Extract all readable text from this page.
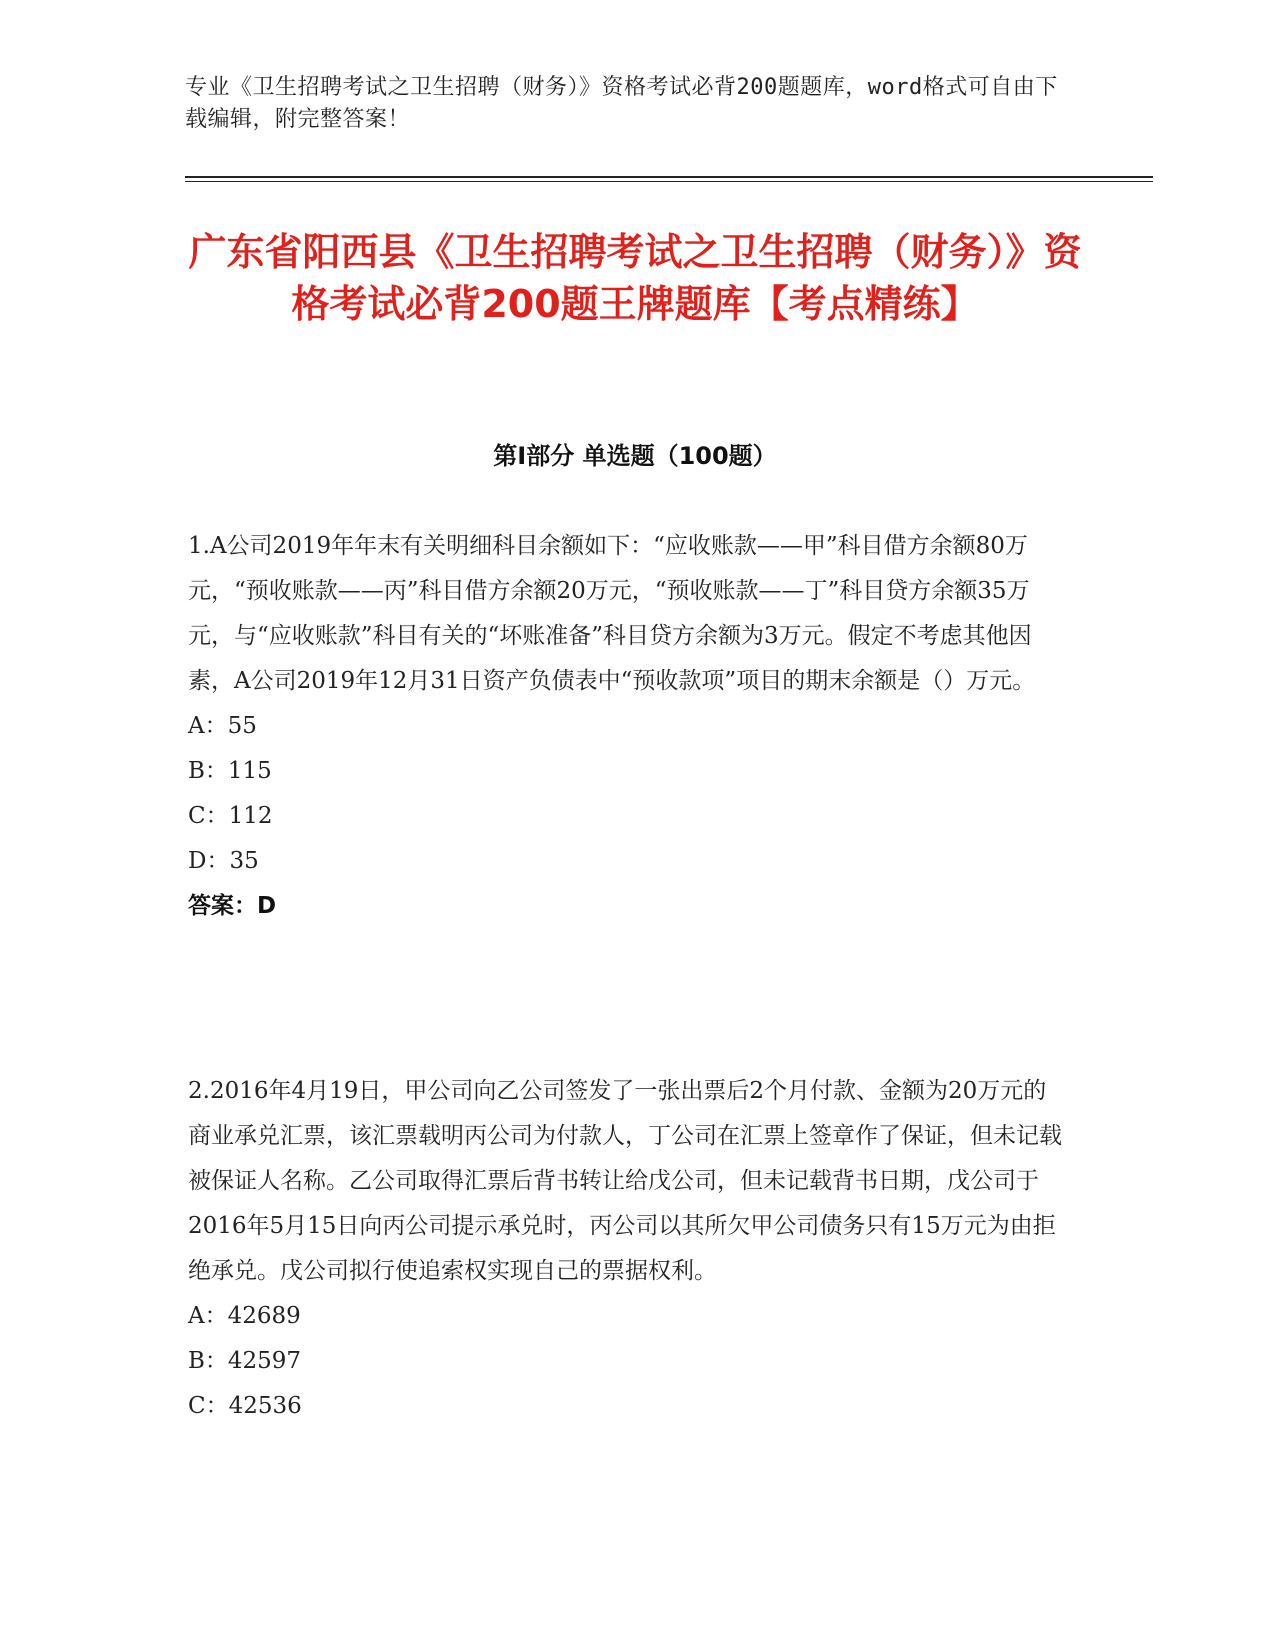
专业《卫生招聘考试之卫生招聘（财务）》资格考试必背200题题库，word格式可自由下载编辑，附完整答案！
广东省阳西县《卫生招聘考试之卫生招聘（财务）》资格考试必背200题王牌题库【考点精练】
第I部分 单选题（100题）

1.A公司2019年年末有关明细科目余额如下：“应收账款——甲”科目借方余额80万元，“预收账款——丙”科目借方余额20万元，“预收账款——丁”科目贷方余额35万元，与“应收账款”科目有关的“坏账准备”科目贷方余额为3万元。假定不考虑其他因素，A公司2019年12月31日资产负债表中“预收款项”项目的期末余额是（）万元。

A：55

B：115

C：112

D：35

答案：D

2.2016年4月19日，甲公司向乙公司签发了一张出票后2个月付款、金额为20万元的商业承兑汇票，该汇票载明丙公司为付款人，丁公司在汇票上签章作了保证，但未记载被保证人名称。乙公司取得汇票后背书转让给戊公司，但未记载背书日期，戊公司于2016年5月15日向丙公司提示承兑时，丙公司以其所欠甲公司债务只有15万元为由拒绝承兑。戊公司拟行使追索权实现自己的票据权利。

A：42689

B：42597

C：42536
